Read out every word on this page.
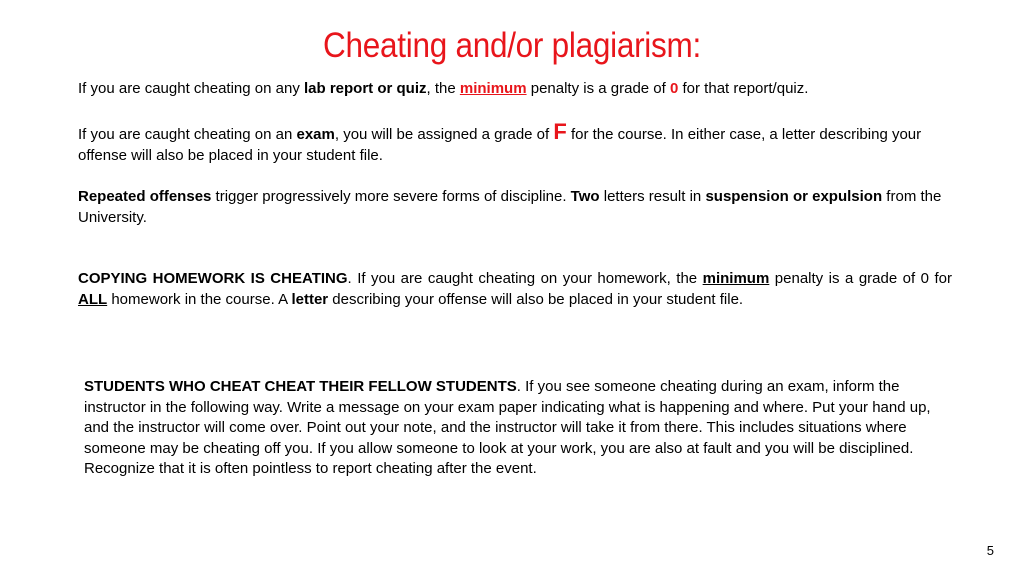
Cheating and/or plagiarism:
If you are caught cheating on any lab report or quiz, the minimum penalty is a grade of 0 for that report/quiz.
If you are caught cheating on an exam, you will be assigned a grade of F for the course. In either case, a letter describing your offense will also be placed in your student file.
Repeated offenses trigger progressively more severe forms of discipline. Two letters result in suspension or expulsion from the University.
COPYING HOMEWORK IS CHEATING. If you are caught cheating on your homework, the minimum penalty is a grade of 0 for ALL homework in the course. A letter describing your offense will also be placed in your student file.
STUDENTS WHO CHEAT CHEAT THEIR FELLOW STUDENTS. If you see someone cheating during an exam, inform the instructor in the following way. Write a message on your exam paper indicating what is happening and where. Put your hand up, and the instructor will come over. Point out your note, and the instructor will take it from there. This includes situations where someone may be cheating off you. If you allow someone to look at your work, you are also at fault and you will be disciplined. Recognize that it is often pointless to report cheating after the event.
5
